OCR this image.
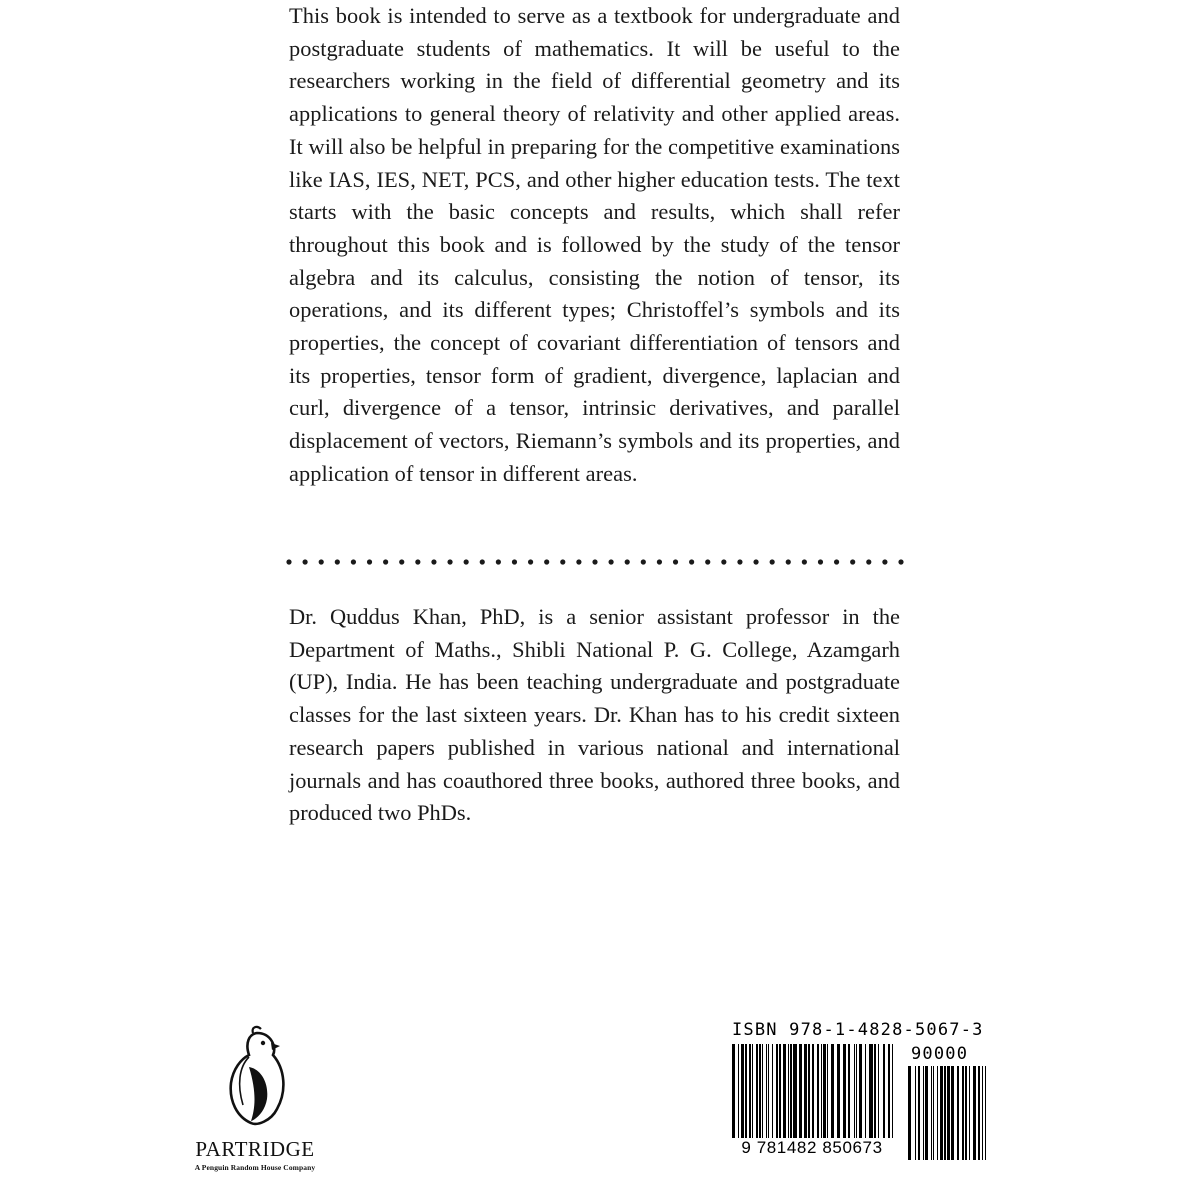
This book is intended to serve as a textbook for undergraduate and postgraduate students of mathematics. It will be useful to the researchers working in the field of differential geometry and its applications to general theory of relativity and other applied areas. It will also be helpful in preparing for the competitive examinations like IAS, IES, NET, PCS, and other higher education tests. The text starts with the basic concepts and results, which shall refer throughout this book and is followed by the study of the tensor algebra and its calculus, consisting the notion of tensor, its operations, and its different types; Christoffel’s symbols and its properties, the concept of covariant differentiation of tensors and its properties, tensor form of gradient, divergence, laplacian and curl, divergence of a tensor, intrinsic derivatives, and parallel displacement of vectors, Riemann’s symbols and its properties, and application of tensor in different areas.

Dr. Quddus Khan, PhD, is a senior assistant professor in the Department of Maths., Shibli National P. G. College, Azamgarh (UP), India. He has been teaching undergraduate and postgraduate classes for the last sixteen years. Dr. Khan has to his credit sixteen research papers published in various national and international journals and has coauthored three books, authored three books, and produced two PhDs.

PARTRIDGE
A Penguin Random House Company
ISBN 978-1-4828-5067-3
90000
9 781482 850673
